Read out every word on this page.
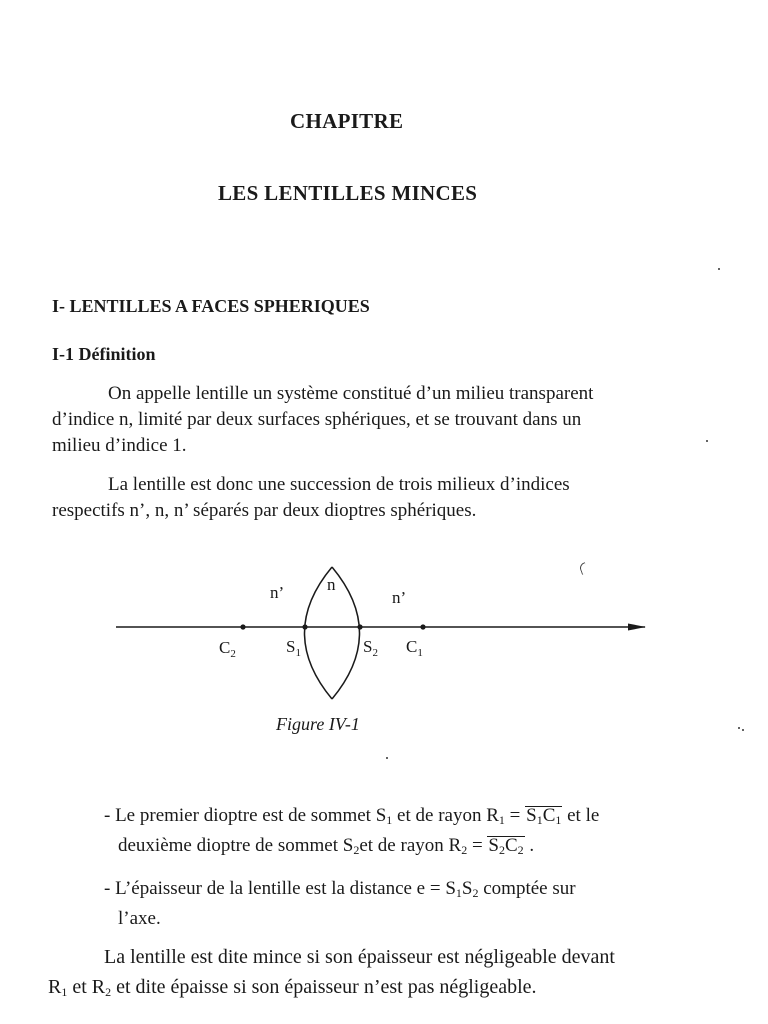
CHAPITRE
LES LENTILLES MINCES
I- LENTILLES A FACES SPHERIQUES
I-1 Définition
On appelle lentille un système constitué d’un milieu transparent
d’indice n, limité par deux surfaces sphériques, et se trouvant dans un
milieu d’indice 1.
La lentille est donc une succession de trois milieux d’indices
respectifs n’, n, n’ séparés par deux dioptres sphériques.
n’	n
n’
$C_2$	$S_1$	$S_2$ $C_1$
Figure IV-1
- Le premier dioptre est de sommet $S_1$ et de rayon $R_1 = S_1C_1$ et le
deuxième dioptre de sommet $S_2et$ de rayon $R_2 = S_2C_2$ .
- L’épaisseur de la lentille est la distance $e = S_1S_2$ comptée sur
l’axe.
La lentille est dite mince si son épaisseur est négligeable devant
$R_1$ et $R_2$ et dite épaisse si son épaisseur n’est pas négligeable.
